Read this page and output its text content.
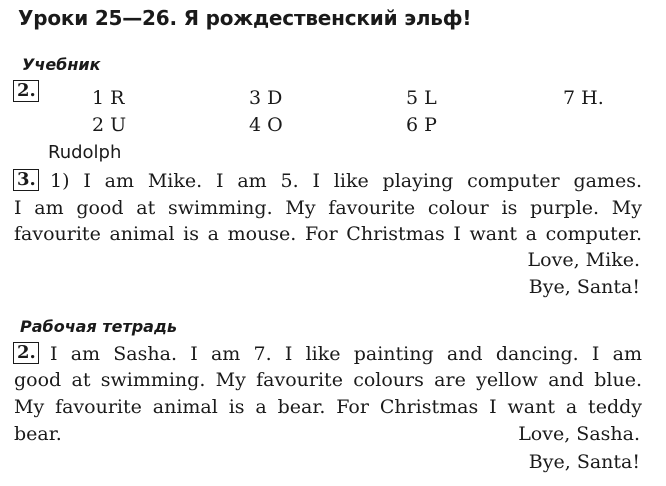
Уроки 25—26. Я рождественский эльф!
Учебник
2.	1 R	3 D	5 L	7 H.
2 U	4 O	6 P
Rudolph
3. 1) I am Mike. I am 5. I like playing computer games.
I am good at swimming. My favourite colour is purple. My
favourite animal is a mouse. For Christmas I want a computer.
Love, Mike.
Bye, Santa!
Рабочая тетрадь
2. I am Sasha. I am 7. I like painting and dancing. I am
good at swimming. My favourite colours are yellow and blue.
My favourite animal is a bear. For Christmas I want a teddy
bear.	Love, Sasha.
Bye, Santa!
